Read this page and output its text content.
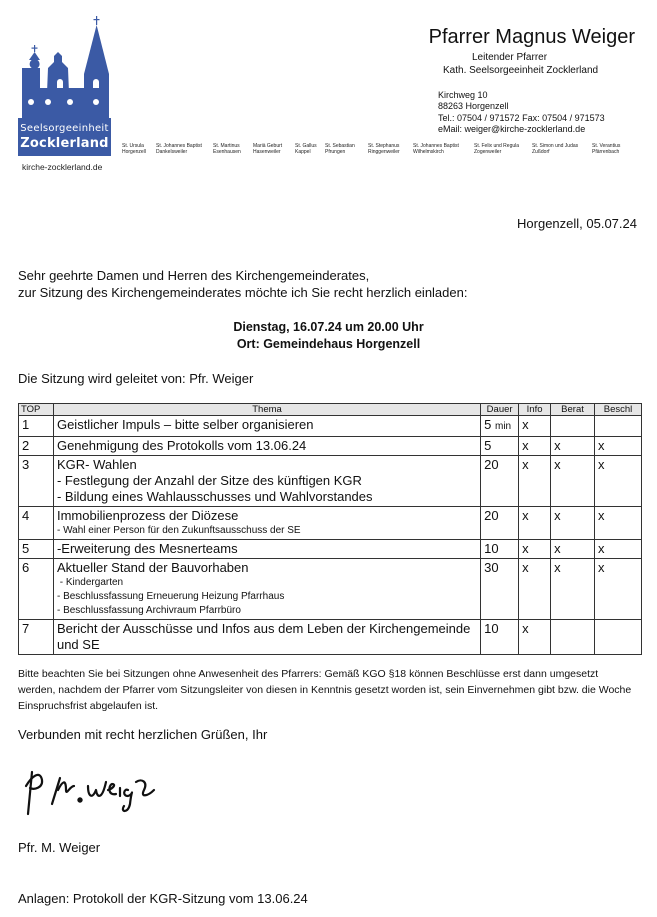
Seelsorgeeinheit
Zocklerland
kirche-zocklerland.de
St. Ursula
Horgenzell
St. Johannes Baptist
Dankelsweiler
St. Martinus
Esenhausen
Mariä Geburt
Hasenweiler
St. Gallus
Kappel
St. Sebastian
Pfrungen
St. Stephanus
Ringgenweiler
St. Johannes Baptist
Wilhelmskirch
St. Felix und Regula
Zogenweiler
St. Simon und Judas
Zußdorf
St. Verantius
Pfärrenbach
Pfarrer Magnus Weiger
Leitender Pfarrer
Kath. Seelsorgeeinheit Zocklerland
Kirchweg 10
88263 Horgenzell
Tel.: 07504 / 971572 Fax: 07504 / 971573
eMail: weiger@kirche-zocklerland.de
Horgenzell, 05.07.24
Sehr geehrte Damen und Herren des Kirchengemeinderates,
zur Sitzung des Kirchengemeinderates möchte ich Sie recht herzlich einladen:
Dienstag, 16.07.24 um 20.00 Uhr
Ort: Gemeindehaus Horgenzell
Die Sitzung wird geleitet von: Pfr. Weiger
TOP	Thema	Dauer	Info	Berat	Beschl
1	Geistlicher Impuls – bitte selber organisieren	5 min	x		
2	Genehmigung des Protokolls vom 13.06.24	5	x	x	x
3	KGR- Wahlen
- Festlegung der Anzahl der Sitze des künftigen KGR
- Bildung eines Wahlausschusses und Wahlvorstandes	20	x	x	x
4	Immobilienprozess der Diözese
- Wahl einer Person für den Zukunftsausschuss der SE	20	x	x	x
5	-Erweiterung des Mesnerteams	10	x	x	x
6	Aktueller Stand der Bauvorhaben
- Kindergarten
- Beschlussfassung Erneuerung Heizung Pfarrhaus
- Beschlussfassung Archivraum Pfarrbüro	30	x	x	x
7	Bericht der Ausschüsse und Infos aus dem Leben der Kirchengemeinde und SE	10	x		
Bitte beachten Sie bei Sitzungen ohne Anwesenheit des Pfarrers: Gemäß KGO §18 können Beschlüsse erst dann umgesetzt werden, nachdem der Pfarrer vom Sitzungsleiter von diesen in Kenntnis gesetzt worden ist, sein Einvernehmen gibt bzw. die Woche Einspruchsfrist abgelaufen ist.
Verbunden mit recht herzlichen Grüßen, Ihr
Pfr. M. Weiger
Anlagen: Protokoll der KGR-Sitzung vom 13.06.24
